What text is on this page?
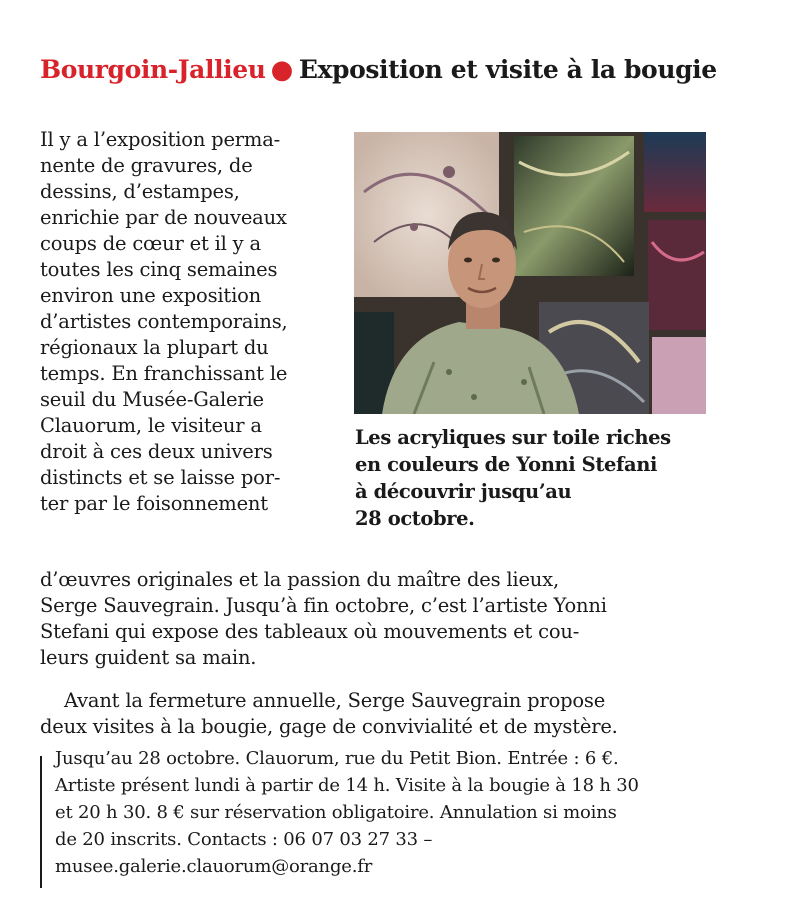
Bourgoin-Jallieu ● Exposition et visite à la bougie
Il y a l’exposition perma-
nente de gravures, de
dessins, d’estampes,
enrichie par de nouveaux
coups de cœur et il y a
toutes les cinq semaines
environ une exposition
d’artistes contemporains,
régionaux la plupart du
temps. En franchissant le
seuil du Musée-Galerie
Clauorum, le visiteur a
droit à ces deux univers
distincts et se laisse por-
ter par le foisonnement
d’œuvres originales et la passion du maître des lieux,
Serge Sauvegrain. Jusqu’à fin octobre, c’est l’artiste Yonni
Stefani qui expose des tableaux où mouvements et cou-
leurs guident sa main.
Avant la fermeture annuelle, Serge Sauvegrain propose
deux visites à la bougie, gage de convivialité et de mystère.
Les acryliques sur toile riches
en couleurs de Yonni Stefani
à découvrir jusqu’au
28 octobre.
Jusqu’au 28 octobre. Clauorum, rue du Petit Bion. Entrée : 6 €.
Artiste présent lundi à partir de 14 h. Visite à la bougie à 18 h 30
et 20 h 30. 8 € sur réservation obligatoire. Annulation si moins
de 20 inscrits. Contacts : 06 07 03 27 33 –
musee.galerie.clauorum@orange.fr
